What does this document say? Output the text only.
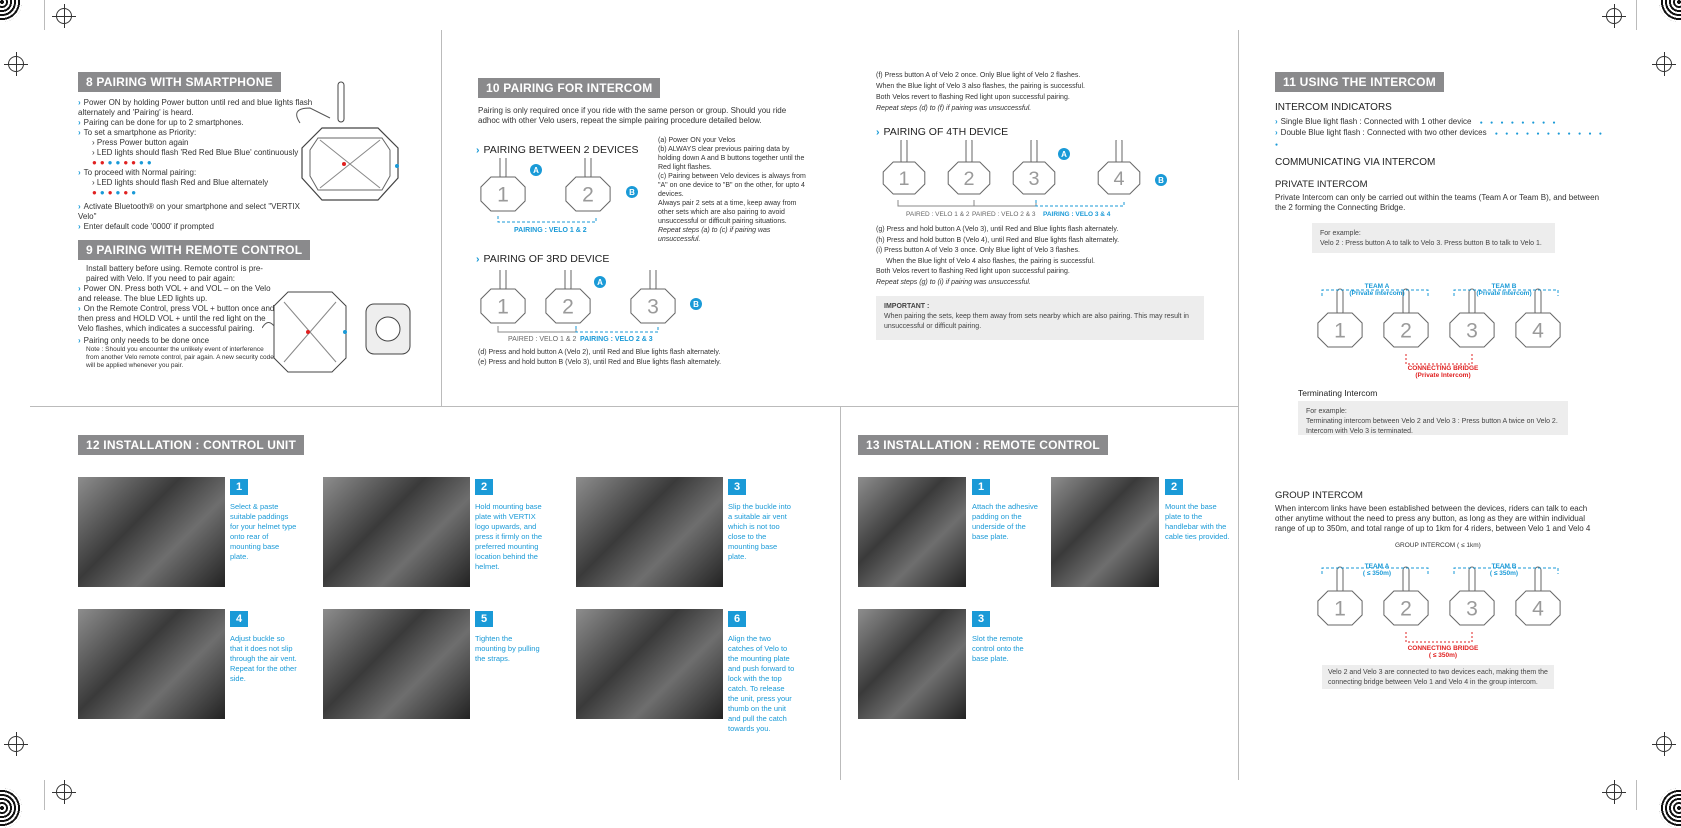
8 PAIRING WITH SMARTPHONE
› Power ON by holding Power button until red and blue lights flash alternately and 'Pairing' is heard.
› Pairing can be done for up to 2 smartphones.
› To set a smartphone as Priority:
› Press Power button again
› LED lights should flash 'Red Red Blue Blue' continuously
●●●●●●●●
› To proceed with Normal pairing:
› LED lights should flash Red and Blue alternately
●●●●●●
› Activate Bluetooth® on your smartphone and select "VERTIX Velo"
› Enter default code '0000' if prompted
9 PAIRING WITH REMOTE CONTROL
Install battery before using. Remote control is pre-paired with Velo. If you need to pair again:
› Power ON. Press both VOL + and VOL – on the Velo and release. The blue LED lights up.
› On the Remote Control, press VOL + button once and then press and HOLD VOL + until the red light on the Velo flashes, which indicates a successful pairing.
› Pairing only needs to be done once
Note : Should you encounter the unlikely event of interference from another Velo remote control, pair again. A new security code will be applied whenever you pair.
10 PAIRING FOR INTERCOM
Pairing is only required once if you ride with the same person or group. Should you ride adhoc with other Velo users, repeat the simple pairing procedure detailed below.
› PAIRING BETWEEN 2 DEVICES
(a) Power ON your Velos
(b) ALWAYS clear previous pairing data by holding down A and B buttons together until the Red light flashes.
(c) Pairing between Velo devices is always from "A" on one device to "B" on the other, for upto 4 devices.
Always pair 2 sets at a time, keep away from other sets which are also pairing to avoid unsuccessful or difficult pairing situations.
Repeat steps (a) to (c) if pairing was unsuccessful.
1	2
A
B
PAIRING : VELO 1 & 2
› PAIRING OF 3RD DEVICE
1	2	3
A
B
PAIRED : VELO 1 & 2 PAIRING : VELO 2 & 3
(d) Press and hold button A (Velo 2), until Red and Blue lights flash alternately.
(e) Press and hold button B (Velo 3), until Red and Blue lights flash alternately.
(f) Press button A of Velo 2 once. Only Blue light of Velo 2 flashes.
When the Blue light of Velo 3 also flashes, the pairing is successful.
Both Velos revert to flashing Red light upon successful pairing.
Repeat steps (d) to (f) if pairing was unsuccessful.
› PAIRING OF 4TH DEVICE
1	2	3	4
A
B
PAIRED : VELO 1 & 2 PAIRED : VELO 2 & 3 PAIRING : VELO 3 & 4
(g) Press and hold button A (Velo 3), until Red and Blue lights flash alternately.
(h) Press and hold button B (Velo 4), until Red and Blue lights flash alternately.
(i) Press button A of Velo 3 once. Only Blue light of Velo 3 flashes.
When the Blue light of Velo 4 also flashes, the pairing is successful.
Both Velos revert to flashing Red light upon successful pairing.
Repeat steps (g) to (i) if pairing was unsuccessful.
IMPORTANT :
When pairing the sets, keep them away from sets nearby which are also pairing. This may result in unsuccessful or difficult pairing.
11 USING THE INTERCOM
INTERCOM INDICATORS
› Single Blue light flash : Connected with 1 other device ● ● ● ● ● ● ● ●
› Double Blue light flash : Connected with two other devices ● ● ● ● ● ● ● ● ● ● ● ●
COMMUNICATING VIA INTERCOM
PRIVATE INTERCOM
Private Intercom can only be carried out within the teams (Team A or Team B), and between the 2 forming the Connecting Bridge.
For example:
Velo 2 : Press button A to talk to Velo 3. Press button B to talk to Velo 1.
1	2	3	4
TEAM A
(Private Intercom)
TEAM B
(Private Intercom)
CONNECTING BRIDGE
(Private Intercom)
Terminating Intercom
For example:
Terminating intercom between Velo 2 and Velo 3 : Press button A twice on Velo 2. Intercom with Velo 3 is terminated.
GROUP INTERCOM
When intercom links have been established between the devices, riders can talk to each other anytime without the need to press any button, as long as they are within individual range of up to 350m, and total range of up to 1km for 4 riders, between Velo 1 and Velo 4
GROUP INTERCOM ( ≤ 1km)
1	2	3	4
TEAM A
( ≤ 350m)
TEAM B
( ≤ 350m)
CONNECTING BRIDGE
( ≤ 350m)
Velo 2 and Velo 3 are connected to two devices each, making them the connecting bridge between Velo 1 and Velo 4 in the group intercom.
12 INSTALLATION : CONTROL UNIT
1
Select & paste suitable paddings for your helmet type onto rear of mounting base plate.
2
Hold mounting base plate with VERTIX logo upwards, and press it firmly on the preferred mounting location behind the helmet.
3
Slip the buckle into a suitable air vent which is not too close to the mounting base plate.
4
Adjust buckle so that it does not slip through the air vent. Repeat for the other side.
5
Tighten the mounting by pulling the straps.
6
Align the two catches of Velo to the mounting plate and push forward to lock with the top catch. To release the unit, press your thumb on the unit and pull the catch towards you.
13 INSTALLATION : REMOTE CONTROL
1
Attach the adhesive padding on the underside of the base plate.
2
Mount the base plate to the handlebar with the cable ties provided.
3
Slot the remote control onto the base plate.
